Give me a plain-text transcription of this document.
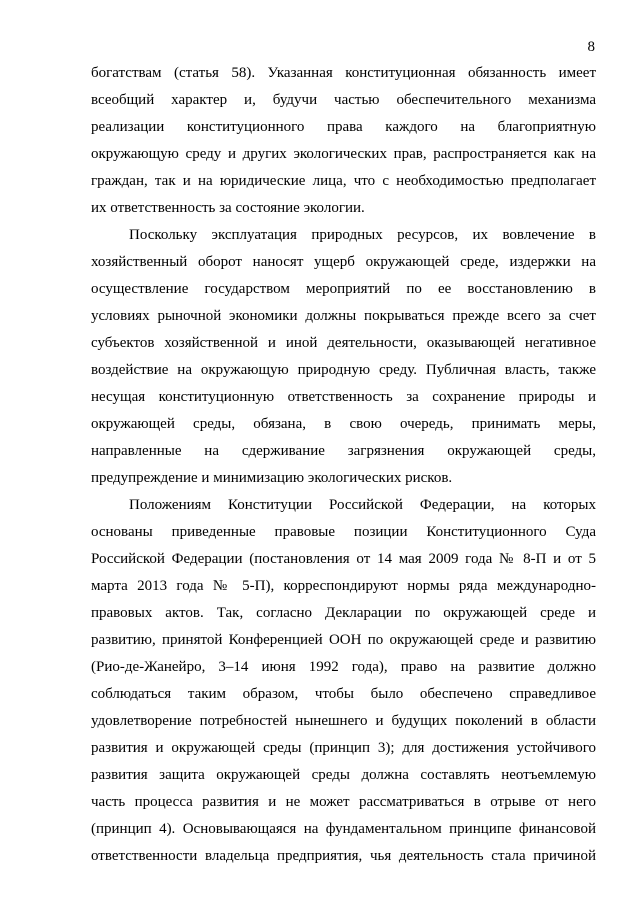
8
богатствам (статья 58). Указанная конституционная обязанность имеет
всеобщий характер и, будучи частью обеспечительного механизма
реализации конституционного права каждого на благоприятную
окружающую среду и других экологических прав, распространяется как на
граждан, так и на юридические лица, что с необходимостью предполагает
их ответственность за состояние экологии.
Поскольку эксплуатация природных ресурсов, их вовлечение в
хозяйственный оборот наносят ущерб окружающей среде, издержки на
осуществление государством мероприятий по ее восстановлению в
условиях рыночной экономики должны покрываться прежде всего за счет
субъектов хозяйственной и иной деятельности, оказывающей негативное
воздействие на окружающую природную среду. Публичная власть, также
несущая конституционную ответственность за сохранение природы и
окружающей среды, обязана, в свою очередь, принимать меры,
направленные на сдерживание загрязнения окружающей среды,
предупреждение и минимизацию экологических рисков.
Положениям Конституции Российской Федерации, на которых
основаны приведенные правовые позиции Конституционного Суда
Российской Федерации (постановления от 14 мая 2009 года № 8-П и от 5
марта 2013 года № 5-П), корреспондируют нормы ряда международно-
правовых актов. Так, согласно Декларации по окружающей среде и
развитию, принятой Конференцией ООН по окружающей среде и развитию
(Рио-де-Жанейро, 3–14 июня 1992 года), право на развитие должно
соблюдаться таким образом, чтобы было обеспечено справедливое
удовлетворение потребностей нынешнего и будущих поколений в области
развития и окружающей среды (принцип 3); для достижения устойчивого
развития защита окружающей среды должна составлять неотъемлемую
часть процесса развития и не может рассматриваться в отрыве от него
(принцип 4). Основывающаяся на фундаментальном принципе финансовой
ответственности владельца предприятия, чья деятельность стала причиной
